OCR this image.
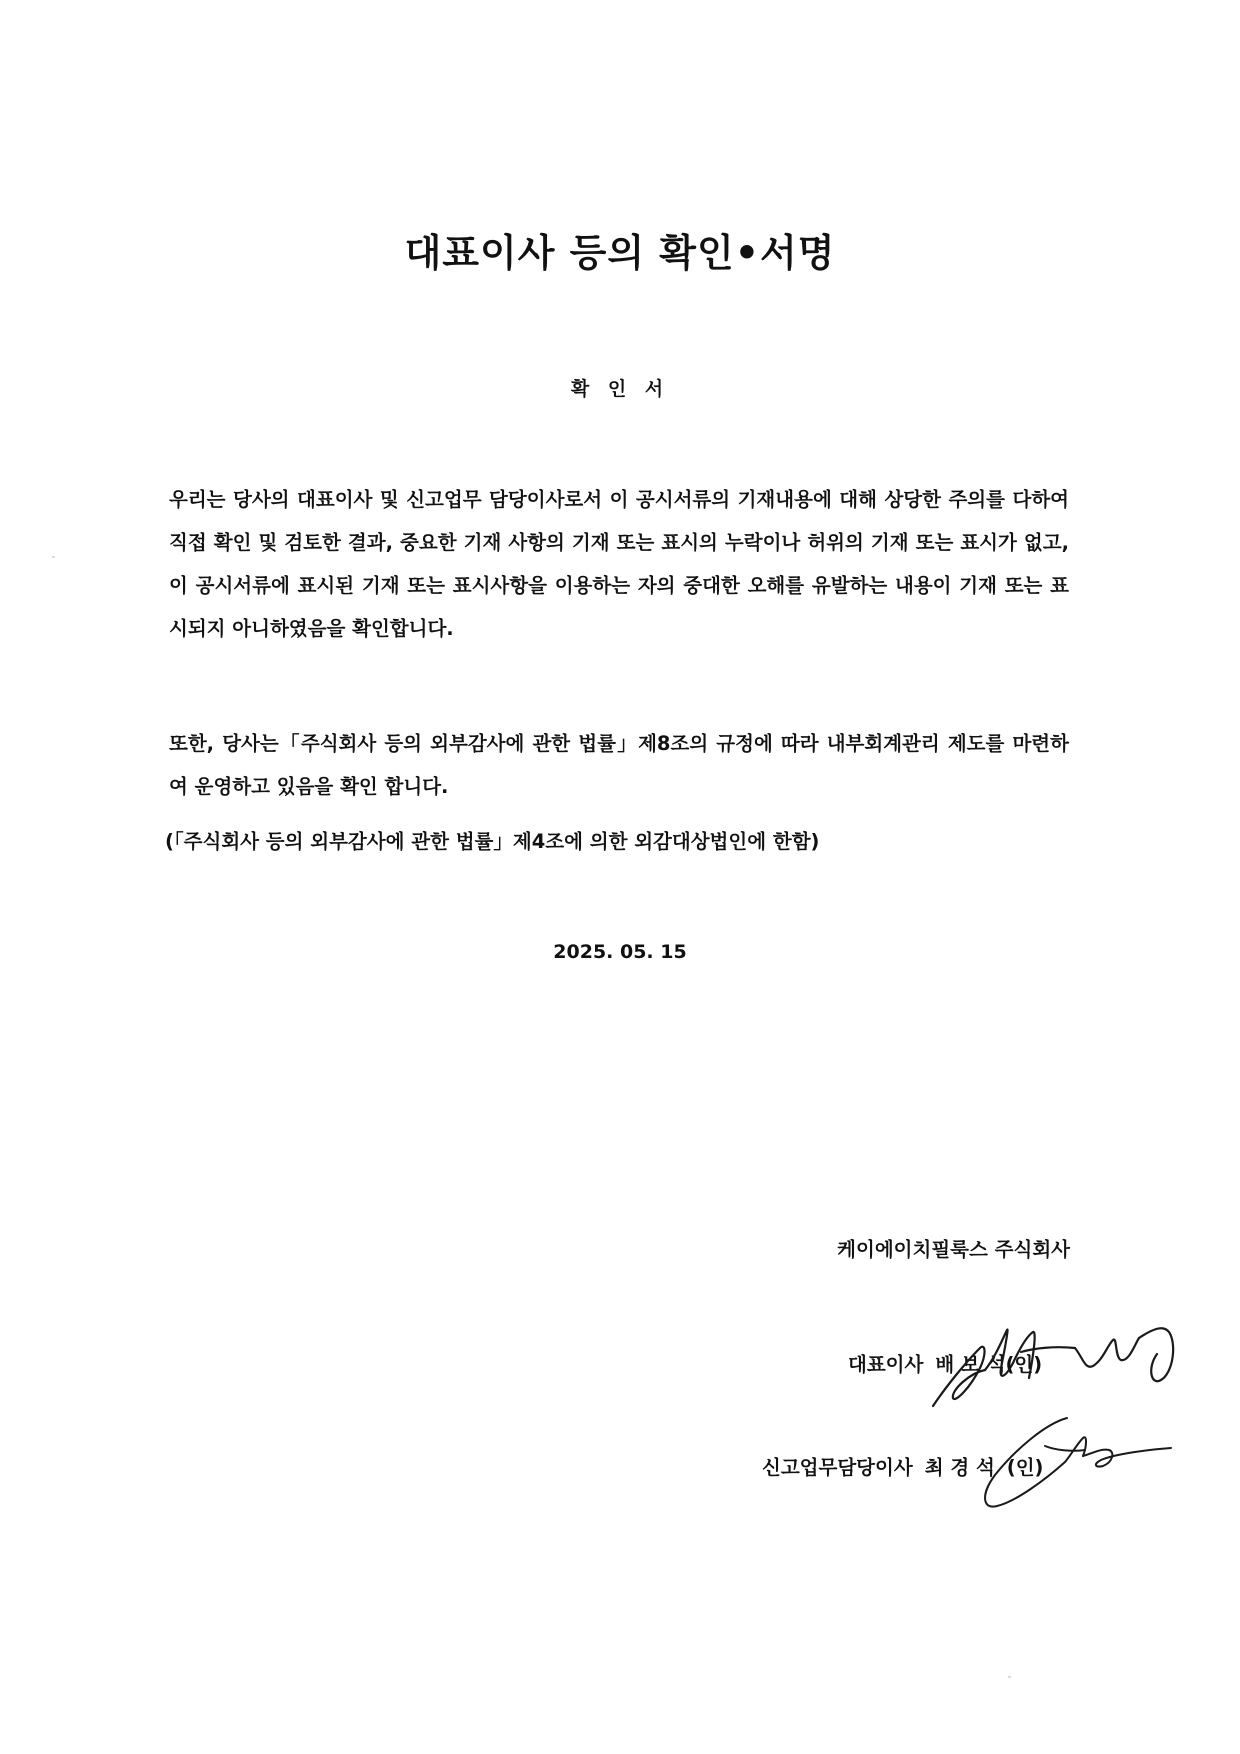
대표이사 등의 확인•서명
확 인 서
우리는 당사의 대표이사 및 신고업무 담당이사로서 이 공시서류의 기재내용에 대해 상당한 주의를 다하여 직접 확인 및 검토한 결과, 중요한 기재 사항의 기재 또는 표시의 누락이나 허위의 기재 또는 표시가 없고, 이 공시서류에 표시된 기재 또는 표시사항을 이용하는 자의 중대한 오해를 유발하는 내용이 기재 또는 표시되지 아니하였음을 확인합니다.
또한, 당사는「주식회사 등의 외부감사에 관한 법률」제8조의 규정에 따라 내부회계관리 제도를 마련하여 운영하고 있음을 확인 합니다.
(「주식회사 등의 외부감사에 관한 법률」제4조에 의한 외감대상법인에 한함)
2025. 05. 15
케이에이치필룩스 주식회사
대표이사 배 보 석(인)
신고업무담당이사 최 경 석 (인)
